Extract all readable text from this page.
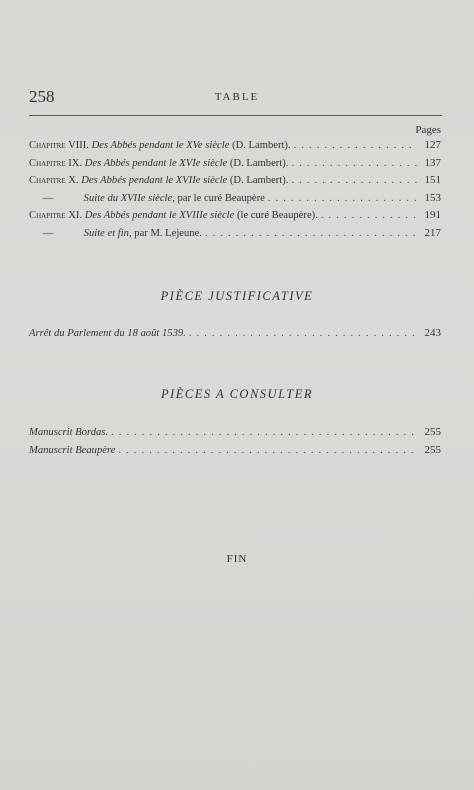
258	TABLE
Pages
Chapitre VIII. Des Abbés pendant le XVe siècle (D. Lambert). . . .	127
Chapitre IX. Des Abbés pendant le XVIe siècle (D. Lambert). . . .	137
Chapitre X. Des Abbés pendant le XVIIe siècle (D. Lambert). . . .	151
—	Suite du XVIIe siècle, par le curé Beaupère . . .	153
Chapitre XI. Des Abbés pendant le XVIIIe siècle (le curé Beaupère). . . .	191
—	Suite et fin, par M. Lejeune. . . .	217
PIÈCE JUSTIFICATIVE
Arrêt du Parlement du 18 août 1539. . . .	243
PIÈCES A CONSULTER
Manuscrit Bordas. . . .	255
Manuscrit Beaupère . . .	255
FIN
